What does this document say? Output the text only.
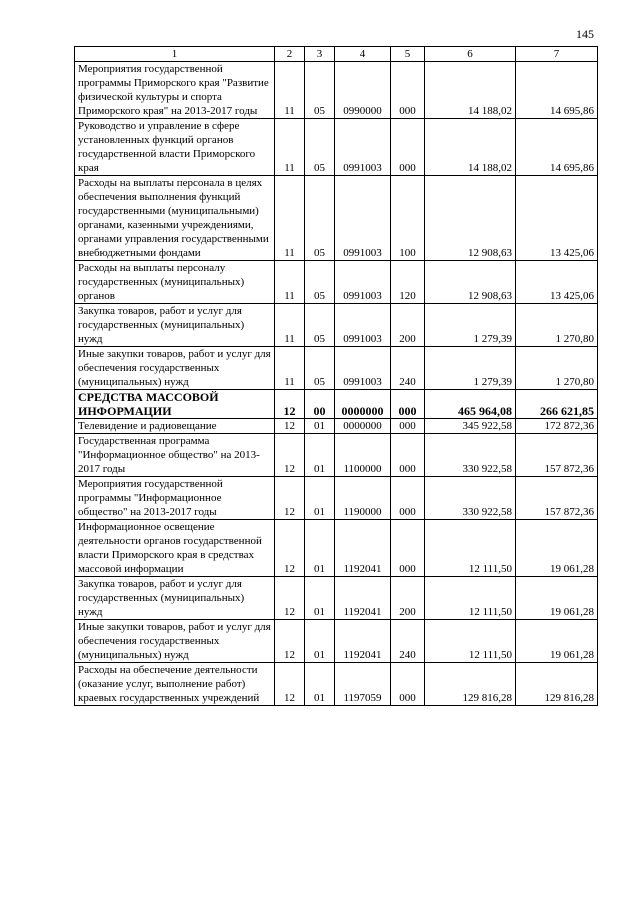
145
1	2	3	4	5	6	7
Мероприятия государственной программы Приморского края "Развитие физической культуры и спорта Приморского края" на 2013-2017 годы	11	05	0990000	000	14 188,02	14 695,86
Руководство и управление в сфере установленных функций органов государственной власти Приморского края	11	05	0991003	000	14 188,02	14 695,86
Расходы на выплаты персонала в целях обеспечения выполнения функций государственными (муниципальными) органами, казенными учреждениями, органами управления государственными внебюджетными фондами	11	05	0991003	100	12 908,63	13 425,06
Расходы на выплаты персоналу государственных (муниципальных) органов	11	05	0991003	120	12 908,63	13 425,06
Закупка товаров, работ и услуг для государственных (муниципальных) нужд	11	05	0991003	200	1 279,39	1 270,80
Иные закупки товаров, работ и услуг для обеспечения государственных (муниципальных) нужд	11	05	0991003	240	1 279,39	1 270,80
СРЕДСТВА МАССОВОЙ ИНФОРМАЦИИ	12	00	0000000	000	465 964,08	266 621,85
Телевидение и радиовещание	12	01	0000000	000	345 922,58	172 872,36
Государственная программа "Информационное общество" на 2013-2017 годы	12	01	1100000	000	330 922,58	157 872,36
Мероприятия государственной программы "Информационное общество" на 2013-2017 годы	12	01	1190000	000	330 922,58	157 872,36
Информационное освещение деятельности органов государственной власти Приморского края в средствах массовой информации	12	01	1192041	000	12 111,50	19 061,28
Закупка товаров, работ и услуг для государственных (муниципальных) нужд	12	01	1192041	200	12 111,50	19 061,28
Иные закупки товаров, работ и услуг для обеспечения государственных (муниципальных) нужд	12	01	1192041	240	12 111,50	19 061,28
Расходы на обеспечение деятельности (оказание услуг, выполнение работ) краевых государственных учреждений	12	01	1197059	000	129 816,28	129 816,28
